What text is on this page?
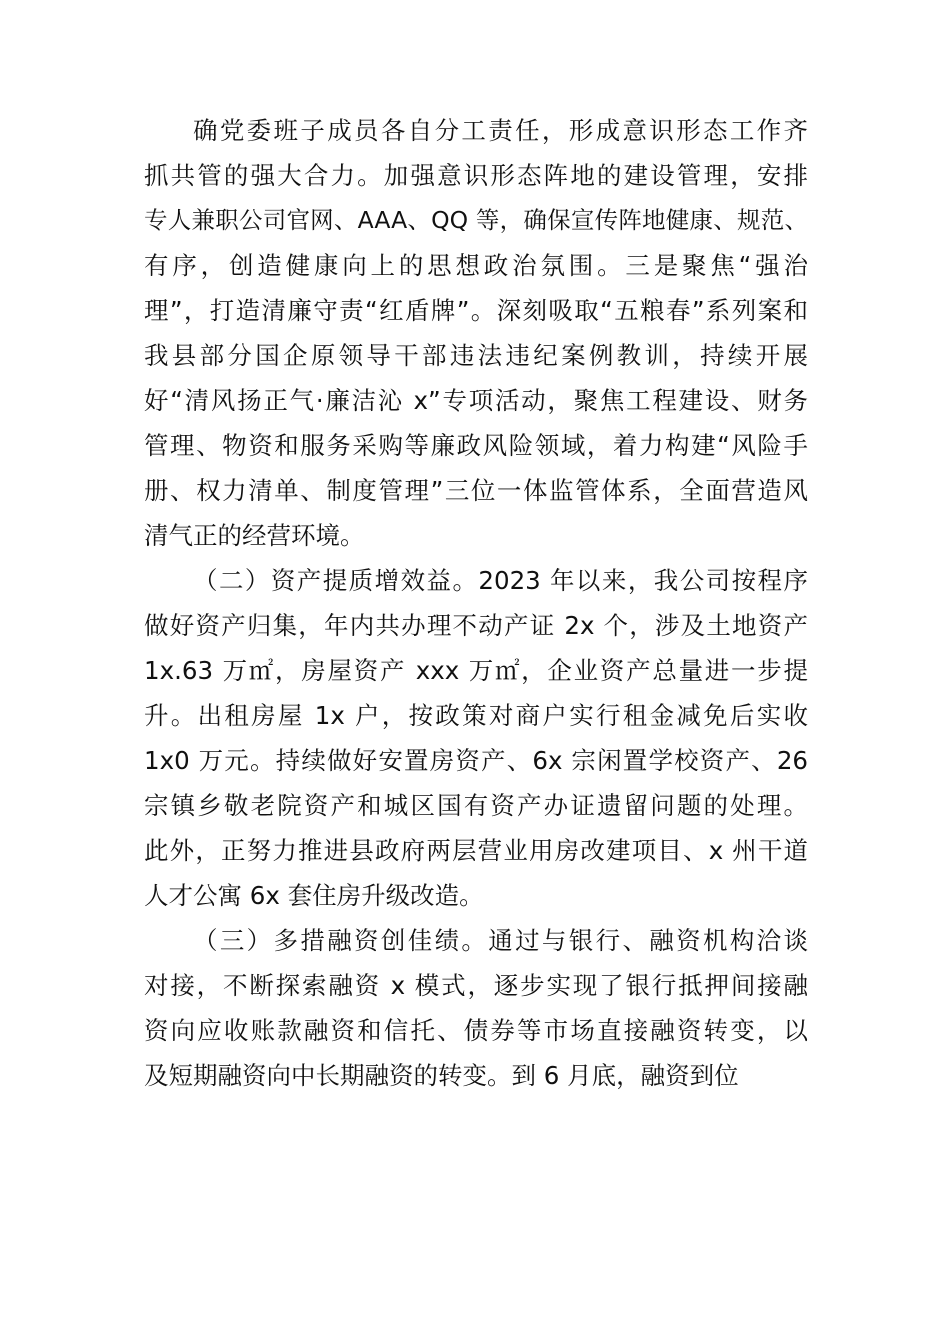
确党委班子成员各自分工责任，形成意识形态工作齐
抓共管的强大合力。加强意识形态阵地的建设管理，安排
专人兼职公司官网、AAA、QQ 等，确保宣传阵地健康、规范、
有序，创造健康向上的思想政治氛围。三是聚焦“强治
理”，打造清廉守责“红盾牌”。深刻吸取“五粮春”系列案和
我县部分国企原领导干部违法违纪案例教训，持续开展
好“清风扬正气·廉洁沁 x”专项活动，聚焦工程建设、财务
管理、物资和服务采购等廉政风险领域，着力构建“风险手
册、权力清单、制度管理”三位一体监管体系，全面营造风
清气正的经营环境。
（二）资产提质增效益。2023 年以来，我公司按程序
做好资产归集，年内共办理不动产证 2x 个，涉及土地资产
1x.63 万㎡，房屋资产 xxx 万㎡，企业资产总量进一步提
升。出租房屋 1x 户，按政策对商户实行租金减免后实收
1x0 万元。持续做好安置房资产、6x 宗闲置学校资产、26
宗镇乡敬老院资产和城区国有资产办证遗留问题的处理。
此外，正努力推进县政府两层营业用房改建项目、x 州干道
人才公寓 6x 套住房升级改造。
（三）多措融资创佳绩。通过与银行、融资机构洽谈
对接，不断探索融资 x 模式，逐步实现了银行抵押间接融
资向应收账款融资和信托、债券等市场直接融资转变，以
及短期融资向中长期融资的转变。到 6 月底，融资到位
